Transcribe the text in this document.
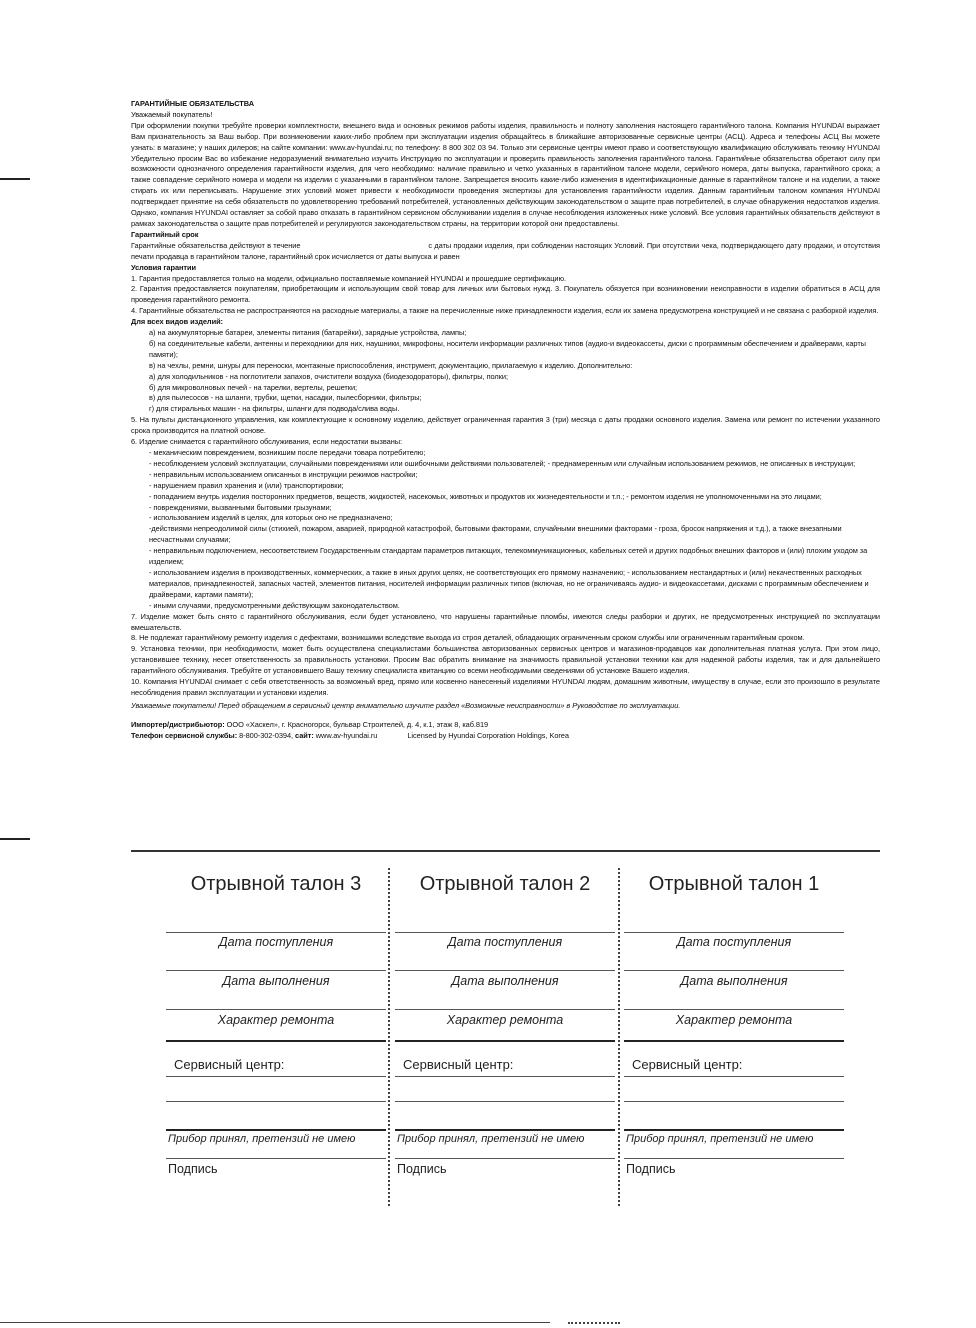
ГАРАНТИЙНЫЕ ОБЯЗАТЕЛЬСТВА

Уважаемый покупатель!

При оформлении покупки требуйте проверки комплектности, внешнего вида и основных режимов работы изделия, правильность и полноту заполнения настоящего гарантийного талона. Компания HYUNDAI выражает Вам признательность за Ваш выбор. При возникновении каких-либо проблем при эксплуатации изделия обращайтесь в ближайшие авторизованные сервисные центры (АСЦ). Адреса и телефоны АСЦ Вы можете узнать: в магазине; у наших дилеров; на сайте компании: www.av-hyundai.ru; по телефону: 8 800 302 03 94. Только эти сервисные центры имеют право и соответствующую квалификацию обслуживать технику HYUNDAI Убедительно просим Вас во избежание недоразумений внимательно изучить Инструкцию по эксплуатации и проверить правильность заполнения гарантийного талона. Гарантийные обязательства обретают силу при возможности однозначного определения гарантийности изделия, для чего необходимо: наличие правильно и четко указанных в гарантийном талоне модели, серийного номера, даты выпуска, гарантийного срока; а также совпадение серийного номера и модели на изделии с указанными в гарантийном талоне. Запрещается вносить какие-либо изменения в идентификационные данные в гарантийном талоне и на изделии, а также стирать их или переписывать. Нарушение этих условий может привести к необходимости проведения экспертизы для установления гарантийности изделия. Данным гарантийным талоном компания HYUNDAI подтверждает принятие на себя обязательств по удовлетворению требований потребителей, установленных действующим законодательством о защите прав потребителей, в случае обнаружения недостатков изделия. Однако, компания HYUNDAI оставляет за собой право отказать в гарантийном сервисном обслуживании изделия в случае несоблюдения изложенных ниже условий. Все условия гарантийных обязательств действуют в рамках законодательства о защите прав потребителей и регулируются законодательством страны, на территории которой они предоставлены.

Гарантийный срок

Гарантийные обязательства действуют в течение	с даты продажи изделия, при соблюдении настоящих Условий. При отсутствии чека, подтверждающего дату продажи, и отсутствия печати продавца в гарантийном талоне, гарантийный срок исчисляется от даты выпуска и равен

Условия гарантии

1. Гарантия предоставляется только на модели, официально поставляемые компанией HYUNDAI и прошедшие сертификацию.

2. Гарантия предоставляется покупателям, приобретающим и использующим свой товар для личных или бытовых нужд. 3. Покупатель обязуется при возникновении неисправности в изделии обратиться в АСЦ для проведения гарантийного ремонта.

4. Гарантийные обязательства не распространяются на расходные материалы, а также на перечисленные ниже принадлежности изделия, если их замена предусмотрена конструкцией и не связана с разборкой изделия.

Для всех видов изделий:

а) на аккумуляторные батареи, элементы питания (батарейки), зарядные устройства, лампы;

б) на соединительные кабели, антенны и переходники для них, наушники, микрофоны, носители информации различных типов (аудио-и видеокассеты, диски с программным обеспечением и драйверами, карты памяти);

в) на чехлы, ремни, шнуры для переноски, монтажные приспособления, инструмент, документацию, прилагаемую к изделию. Дополнительно:

а) для холодильников - на поглотители запахов, очистители воздуха (биодезодораторы), фильтры, полки;

б) для микроволновых печей - на тарелки, вертелы, решетки;

в) для пылесосов - на шланги, трубки, щетки, насадки, пылесборники, фильтры;

г) для стиральных машин - на фильтры, шланги для подвода/слива воды.

5. На пульты дистанционного управления, как комплектующие к основному изделию, действует ограниченная гарантия 3 (три) месяца с даты продажи основного изделия. Замена или ремонт по истечении указанного срока производится на платной основе.

6. Изделие снимается с гарантийного обслуживания, если недостатки вызваны:

- механическим повреждением, возникшим после передачи товара потребителю;

- несоблюдением условий эксплуатации, случайными повреждениями или ошибочными действиями пользователей; - преднамеренным или случайным использованием режимов, не описанных в инструкции;

- неправильным использованием описанных в инструкции режимов настройки;

- нарушением правил хранения и (или) транспортировки;

- попаданием внутрь изделия посторонних предметов, веществ, жидкостей, насекомых, животных и продуктов их жизнедеятельности и т.п.; - ремонтом изделия не уполномоченными на это лицами;

- повреждениями, вызванными бытовыми грызунами;

- использованием изделий в целях, для которых оно не предназначено;

-действиями непреодолимой силы (стихией, пожаром, аварией, природной катастрофой, бытовыми факторами, случайными внешними факторами - гроза, бросок напряжения и т.д.), а также внезапными несчастными случаями;

- неправильным подключением, несоответствием Государственным стандартам параметров питающих, телекоммуникационных, кабельных сетей и других подобных внешних факторов и (или) плохим уходом за изделием;

- использованием изделия в производственных, коммерческих, а также в иных других целях, не соответствующих его прямому назначению; - использованием нестандартных и (или) некачественных расходных материалов, принадлежностей, запасных частей, элементов питания, носителей информации различных типов (включая, но не ограничиваясь аудио- и видеокассетами, дисками с программным обеспечением и драйверами, картами памяти);

- иными случаями, предусмотренными действующим законодательством.

7. Изделие может быть снято с гарантийного обслуживания, если будет установлено, что нарушены гарантийные пломбы, имеются следы разборки и других, не предусмотренных инструкцией по эксплуатации вмешательств.

8. Не подлежат гарантийному ремонту изделия с дефектами, возникшими вследствие выхода из строя деталей, обладающих ограниченным сроком службы или ограниченным гарантийным сроком.

9. Установка техники, при необходимости, может быть осуществлена специалистами большинства авторизованных сервисных центров и магазинов-продавцов как дополнительная платная услуга. При этом лицо, установившее технику, несет ответственность за правильность установки. Просим Вас обратить внимание на значимость правильной установки техники как для надежной работы изделия, так и для дальнейшего гарантийного обслуживания. Требуйте от установившего Вашу технику специалиста квитанцию со всеми необходимыми сведениями об установке Вашего изделия.

10. Компания HYUNDAI снимает с себя ответственность за возможный вред, прямо или косвенно нанесенный изделиями HYUNDAI людям, домашним животным, имуществу в случае, если это произошло в результате несоблюдения правил эксплуатации и установки изделия.

Уважаемые покупатели! Перед обращением в сервисный центр внимательно изучите раздел «Возможные неисправности» в Руководстве по эксплуатации.

Импортер/дистрибьютор: ООО «Хаскел», г. Красногорск, бульвар Строителей, д. 4, к.1, этаж 8, каб.819

Телефон сервисной службы: 8-800-302-0394, сайт: www.av-hyundai.ru	Licensed by Hyundai Corporation Holdings, Korea

Отрывной талон 3
Дата поступления
Дата выполнения
Характер ремонта
Сервисный центр:
Прибор принял, претензий не имею
Подпись
Отрывной талон 2
Дата поступления
Дата выполнения
Характер ремонта
Сервисный центр:
Прибор принял, претензий не имею
Подпись
Отрывной талон 1
Дата поступления
Дата выполнения
Характер ремонта
Сервисный центр:
Прибор принял, претензий не имею
Подпись
